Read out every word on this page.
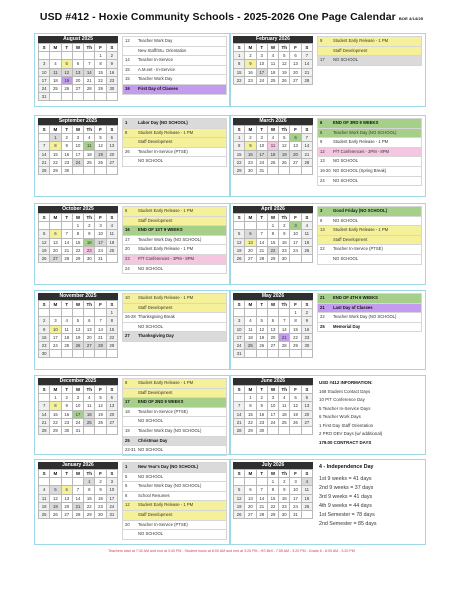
USD #412 - Hoxie Community Schools - 2025-2026 One Page Calendar BOE 4/14/25
August 2025
S	M	T	W	Th	F	S
					1	2
3	4	5	6	7	8	9
10	11	12	13	14	15	16
17	18	19	20	21	22	23
24	25	26	27	28	29	30
31						
12 Teacher Work Day
New Staff/Stu. Orientation
14 Teacher In-Service
15 A.M.eet - In-Service
15 Teacher Work Day
19 First Day of Classes
February 2026
S	M	T	W	Th	F	S
1	2	3	4	5	6	7
8	9	10	11	12	13	14
15	16	17	18	19	20	21
22	23	24	25	26	27	28
9	Student Early Release - 1 PM
Staff Development
17 NO SCHOOL
September 2025
S	M	T	W	Th	F	S
	1	2	3	4	5	6
7	8	9	10	11	12	13
14	15	16	17	18	19	20
21	22	23	24	25	26	27
28	29	30				
1	Labor Day (NO SCHOOL)
8	Student Early Release - 1 PM
Staff Development
26 Teacher In-Service (PTSE)
NO SCHOOL
March 2026
S	M	T	W	Th	F	S
1	2	3	4	5	6	7
8	9	10	11	12	13	14
15	16	17	18	19	20	21
22	23	24	25	26	27	28
29	30	31				
6	END OF 3RD 9 WEEKS
6	Teacher Work Day (NO SCHOOL)
9	Student Early Release - 1 PM
12 P/T Conferences - 2PM - 8PM
13 NO SCHOOL
16-20 NO SCHOOL (Spring Break)
24 NO SCHOOL
October 2025
S	M	T	W	Th	F	S
			1	2	3	4
5	6	7	8	9	10	11
12	13	14	15	16	17	18
19	20	21	22	23	24	25
26	27	28	29	30	31	
6	Student Early Release - 1 PM
Staff Development
16 END OF 1ST 9 WEEKS
17 Teacher Work Day (NO SCHOOL)
20 Student Early Release - 1 PM
23 P/T Conferences - 2PM - 8PM
24 NO SCHOOL
April 2026
S	M	T	W	Th	F	S
			1	2	3	4
5	6	7	8	9	10	11
12	13	14	15	16	17	18
19	20	21	22	23	24	25
26	27	28	29	30		
3	Good Friday (NO SCHOOL)
6	NO SCHOOL
13 Student Early Release - 1 PM
Staff Development
22 Teacher In-Service (PTSE)
NO SCHOOL
November 2025
S	M	T	W	Th	F	S
						1
2	3	4	5	6	7	8
9	10	11	12	13	14	15
16	17	18	19	20	21	22
23	24	25	26	27	28	29
30						
10 Student Early Release - 1 PM
Staff Development
26-28 Thanksgiving Break
NO SCHOOL
27 Thanksgiving Day
May 2026
S	M	T	W	Th	F	S
					1	2
3	4	5	6	7	8	9
10	11	12	13	14	15	16
17	18	19	20	21	22	23
24	25	26	27	28	29	30
31						
21 END OF 4TH 9 WEEKS
21 Last Day of Classes
22 Teacher Work Day (NO SCHOOL)
25 Memorial Day
December 2025
S	M	T	W	Th	F	S
	1	2	3	4	5	6
7	8	9	10	11	12	13
14	15	16	17	18	19	20
21	22	23	24	25	26	27
28	29	30	31			
8	Student Early Release - 1 PM
Staff Development
17 END OF 2ND 9 WEEKS
18 Teacher In-Service (PTSE)
NO SCHOOL
19 Teacher Work Day (NO SCHOOL)
25 Christmas Day
22-31 NO SCHOOL
June 2026
S	M	T	W	Th	F	S
	1	2	3	4	5	6
7	8	9	10	11	12	13
14	15	16	17	18	19	20
21	22	23	24	25	26	27
28	29	30				
January 2026
S	M	T	W	Th	F	S
				1	2	3
4	5	6	7	8	9	10
11	12	13	14	15	16	17
18	19	20	21	22	23	24
25	26	27	28	29	30	31
1	New Year's Day (NO SCHOOL)
5	NO SCHOOL
5	Teacher Work Day (NO SCHOOL)
6	School Resumes
12 Student Early Release - 1 PM
Staff Development
20 Teacher In-Service (PTSE)
NO SCHOOL
July 2026
S	M	T	W	Th	F	S
			1	2	3	4
5	6	7	8	9	10	11
12	13	14	15	16	17	18
19	20	21	22	23	24	25
26	27	28	29	30	31	
USD #412 INFORMATION:
168 Student Contact Days
10 P/T Conference Day
5 Teacher In-Service Days
6 Teacher Work Days
1 First Day Staff Orientation
2 PRO DEV Days (w/ additional)
179.00 CONTRACT DAYS
4 - Independence Day
1st 9 weeks = 41 days
2nd 9 weeks = 37 days
3rd 9 weeks = 41 days
4th 9 weeks = 44 days
1st Semester = 78 days
2nd Semester = 85 days
Teachers start at 7:40 AM and end at 3:40 PM - Student hours at 8:00 AM and end at 3:25 PM - HS Bell - 7:55 AM - 3:20 PM - Grade 6 - 8:05 AM - 3:20 PM
